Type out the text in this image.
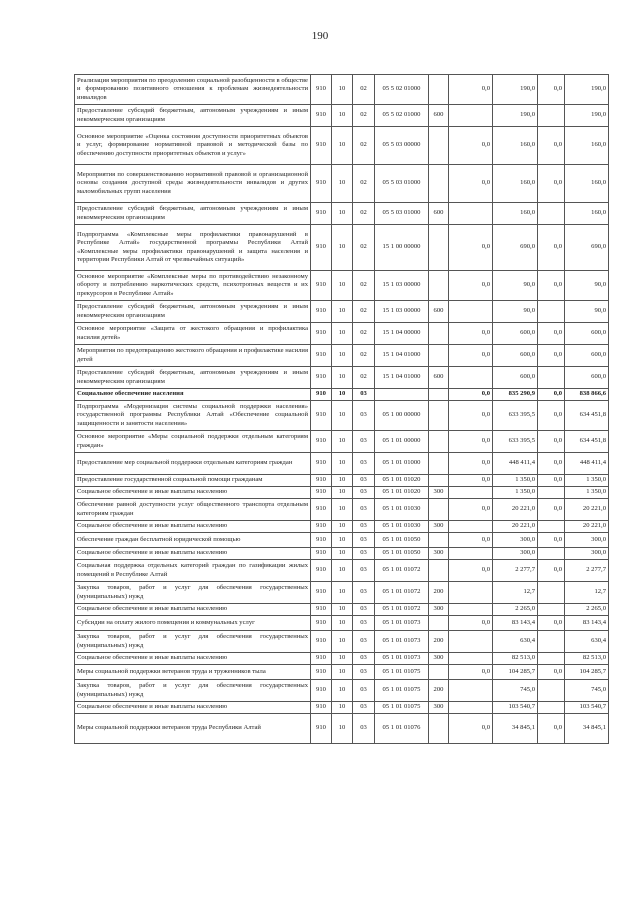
190
Реализация мероприятия по преодолению социальной разобщенности в обществе и формированию позитивного отношения к проблемам жизнедеятельности инвалидов	910	10	02	05 5 02 01000		0,0	190,0	0,0	190,0
Предоставление субсидий бюджетным, автономным учреждениям и иным некоммерческим организациям	910	10	02	05 5 02 01000	600		190,0		190,0
Основное мероприятие «Оценка состояния доступности приоритетных объектов и услуг, формирование нормативной правовой и методической базы по обеспечению доступности приоритетных объектов и услуг»	910	10	02	05 5 03 00000		0,0	160,0	0,0	160,0
Мероприятия по совершенствованию нормативной правовой и организационной основы создания доступной среды жизнедеятельности инвалидов и других маломобильных групп населения	910	10	02	05 5 03 01000		0,0	160,0	0,0	160,0
Предоставление субсидий бюджетным, автономным учреждениям и иным некоммерческим организациям	910	10	02	05 5 03 01000	600		160,0		160,0
Подпрограмма «Комплексные меры профилактики правонарушений в Республике Алтай» государственной программы Республики Алтай «Комплексные меры профилактики правонарушений и защита населения и территории Республики Алтай от чрезвычайных ситуаций»	910	10	02	15 1 00 00000		0,0	690,0	0,0	690,0
Основное мероприятие «Комплексные меры по противодействию незаконному обороту и потреблению наркотических средств, психотропных веществ и их прекурсоров в Республике Алтай»	910	10	02	15 1 03 00000		0,0	90,0	0,0	90,0
Предоставление субсидий бюджетным, автономным учреждениям и иным некоммерческим организациям	910	10	02	15 1 03 00000	600		90,0		90,0
Основное мероприятие «Защита от жестокого обращения и профилактика насилия детей»	910	10	02	15 1 04 00000		0,0	600,0	0,0	600,0
Мероприятия по предотвращению жестокого обращения и профилактике насилия детей	910	10	02	15 1 04 01000		0,0	600,0	0,0	600,0
Предоставление субсидий бюджетным, автономным учреждениям и иным некоммерческим организациям	910	10	02	15 1 04 01000	600		600,0		600,0
Социальное обеспечение населения	910	10	03			0,0	835 290,9	0,0	838 866,6
Подпрограмма «Модернизация системы социальной поддержки населения» государственной программы Республики Алтай «Обеспечение социальной защищенности и занятости населения»	910	10	03	05 1 00 00000		0,0	633 395,5	0,0	634 451,8
Основное мероприятие «Меры социальной поддержки отдельным категориям граждан»	910	10	03	05 1 01 00000		0,0	633 395,5	0,0	634 451,8
Предоставление мер социальной поддержки отдельным категориям граждан	910	10	03	05 1 01 01000		0,0	448 411,4	0,0	448 411,4
Предоставление государственной социальной помощи гражданам	910	10	03	05 1 01 01020		0,0	1 350,0	0,0	1 350,0
Социальное обеспечение и иные выплаты населению	910	10	03	05 1 01 01020	300		1 350,0		1 350,0
Обеспечение равной доступности услуг общественного транспорта отдельным категориям граждан	910	10	03	05 1 01 01030		0,0	20 221,0	0,0	20 221,0
Социальное обеспечение и иные выплаты населению	910	10	03	05 1 01 01030	300		20 221,0		20 221,0
Обеспечение граждан бесплатной юридической помощью	910	10	03	05 1 01 01050		0,0	300,0	0,0	300,0
Социальное обеспечение и иные выплаты населению	910	10	03	05 1 01 01050	300		300,0		300,0
Социальная поддержка отдельных категорий граждан по газификации жилых помещений в Республике Алтай	910	10	03	05 1 01 01072		0,0	2 277,7	0,0	2 277,7
Закупка товаров, работ и услуг для обеспечения государственных (муниципальных) нужд	910	10	03	05 1 01 01072	200		12,7		12,7
Социальное обеспечение и иные выплаты населению	910	10	03	05 1 01 01072	300		2 265,0		2 265,0
Субсидии на оплату жилого помещения и коммунальных услуг	910	10	03	05 1 01 01073		0,0	83 143,4	0,0	83 143,4
Закупка товаров, работ и услуг для обеспечения государственных (муниципальных) нужд	910	10	03	05 1 01 01073	200		630,4		630,4
Социальное обеспечение и иные выплаты населению	910	10	03	05 1 01 01073	300		82 513,0		82 513,0
Меры социальной поддержки ветеранов труда и труженников тыла	910	10	03	05 1 01 01075		0,0	104 285,7	0,0	104 285,7
Закупка товаров, работ и услуг для обеспечения государственных (муниципальных) нужд	910	10	03	05 1 01 01075	200		745,0		745,0
Социальное обеспечение и иные выплаты населению	910	10	03	05 1 01 01075	300		103 540,7		103 540,7
Меры социальной поддержки ветеранов труда Республики Алтай	910	10	03	05 1 01 01076		0,0	34 845,1	0,0	34 845,1
